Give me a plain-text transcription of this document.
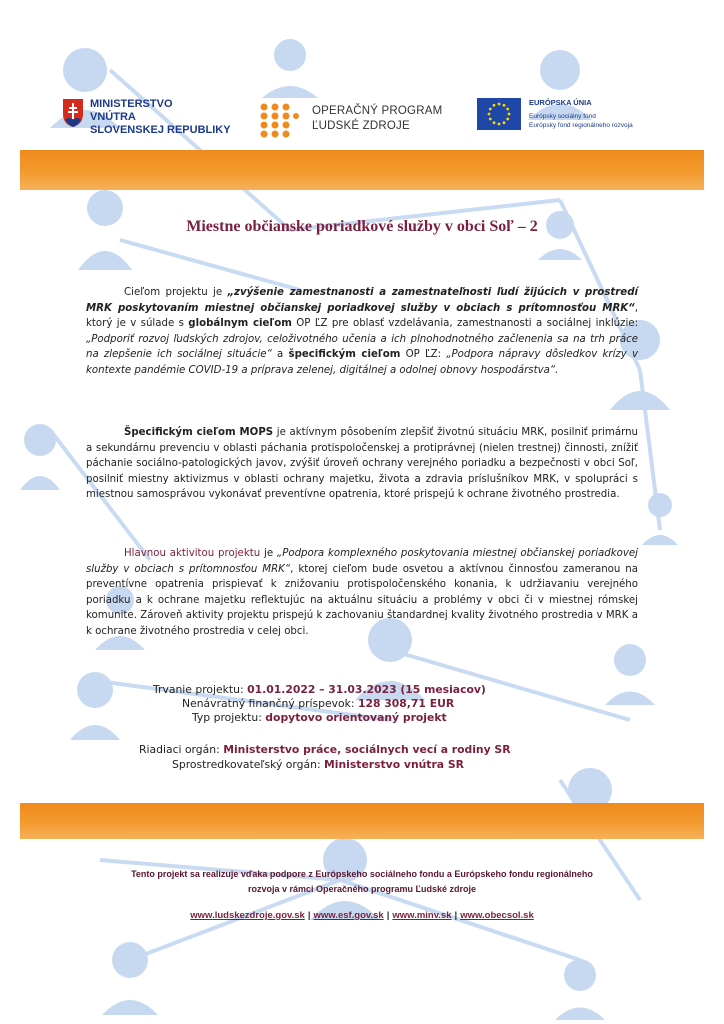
MINISTERSTVO
VNÚTRA
SLOVENSKEJ REPUBLIKY
OPERAČNÝ PROGRAM
ĽUDSKÉ ZDROJE
EURÓPSKA ÚNIA
Európsky sociálny fond
Európsky fond regionálneho rozvoja
Miestne občianske poriadkové služby v obci Soľ – 2
Cieľom projektu je „zvýšenie zamestnanosti a zamestnateľnosti ľudí žijúcich v prostredí MRK poskytovaním miestnej občianskej poriadkovej služby v obciach s prítomnosťou MRK“, ktorý je v súlade s globálnym cieľom OP ĽZ pre oblasť vzdelávania, zamestnanosti a sociálnej inklúzie: „Podporiť rozvoj ľudských zdrojov, celoživotného učenia a ich plnohodnotného začlenenia sa na trh práce na zlepšenie ich sociálnej situácie“ a špecifickým cieľom OP ĽZ: „Podpora nápravy dôsledkov krízy v kontexte pandémie COVID-19 a príprava zelenej, digitálnej a odolnej obnovy hospodárstva“.
Špecifickým cieľom MOPS je aktívnym pôsobením zlepšiť životnú situáciu MRK, posilniť primárnu a sekundárnu prevenciu v oblasti páchania protispoločenskej a protiprávnej (nielen trestnej) činnosti, znížiť páchanie sociálno-patologických javov, zvýšiť úroveň ochrany verejného poriadku a bezpečnosti v obci Soľ, posilniť miestny aktivizmus v oblasti ochrany majetku, života a zdravia príslušníkov MRK, v spolupráci s miestnou samosprávou vykonávať preventívne opatrenia, ktoré prispejú k ochrane životného prostredia.
Hlavnou aktivitou projektu je „Podpora komplexného poskytovania miestnej občianskej poriadkovej služby v obciach s prítomnosťou MRK“, ktorej cieľom bude osvetou a aktívnou činnosťou zameranou na preventívne opatrenia prispievať k znižovaniu protispoločenského konania, k udržiavaniu verejného poriadku a k ochrane majetku reflektujúc na aktuálnu situáciu a problémy v obci či v miestnej rómskej komunite. Zároveň aktivity projektu prispejú k zachovaniu štandardnej kvality životného prostredia v MRK a k ochrane životného prostredia v celej obci.
Trvanie projektu: 01.01.2022 – 31.03.2023 (15 mesiacov)
Nenávratný finančný príspevok: 128 308,71 EUR
Typ projektu: dopytovo orientovaný projekt
Riadiaci orgán: Ministerstvo práce, sociálnych vecí a rodiny SR
Sprostredkovateľský orgán: Ministerstvo vnútra SR
Tento projekt sa realizuje vďaka podpore z Európskeho sociálneho fondu a Európskeho fondu regionálneho
rozvoja v rámci Operačného programu Ľudské zdroje
www.ludskezdroje.gov.sk | www.esf.gov.sk | www.minv.sk | www.obecsol.sk
